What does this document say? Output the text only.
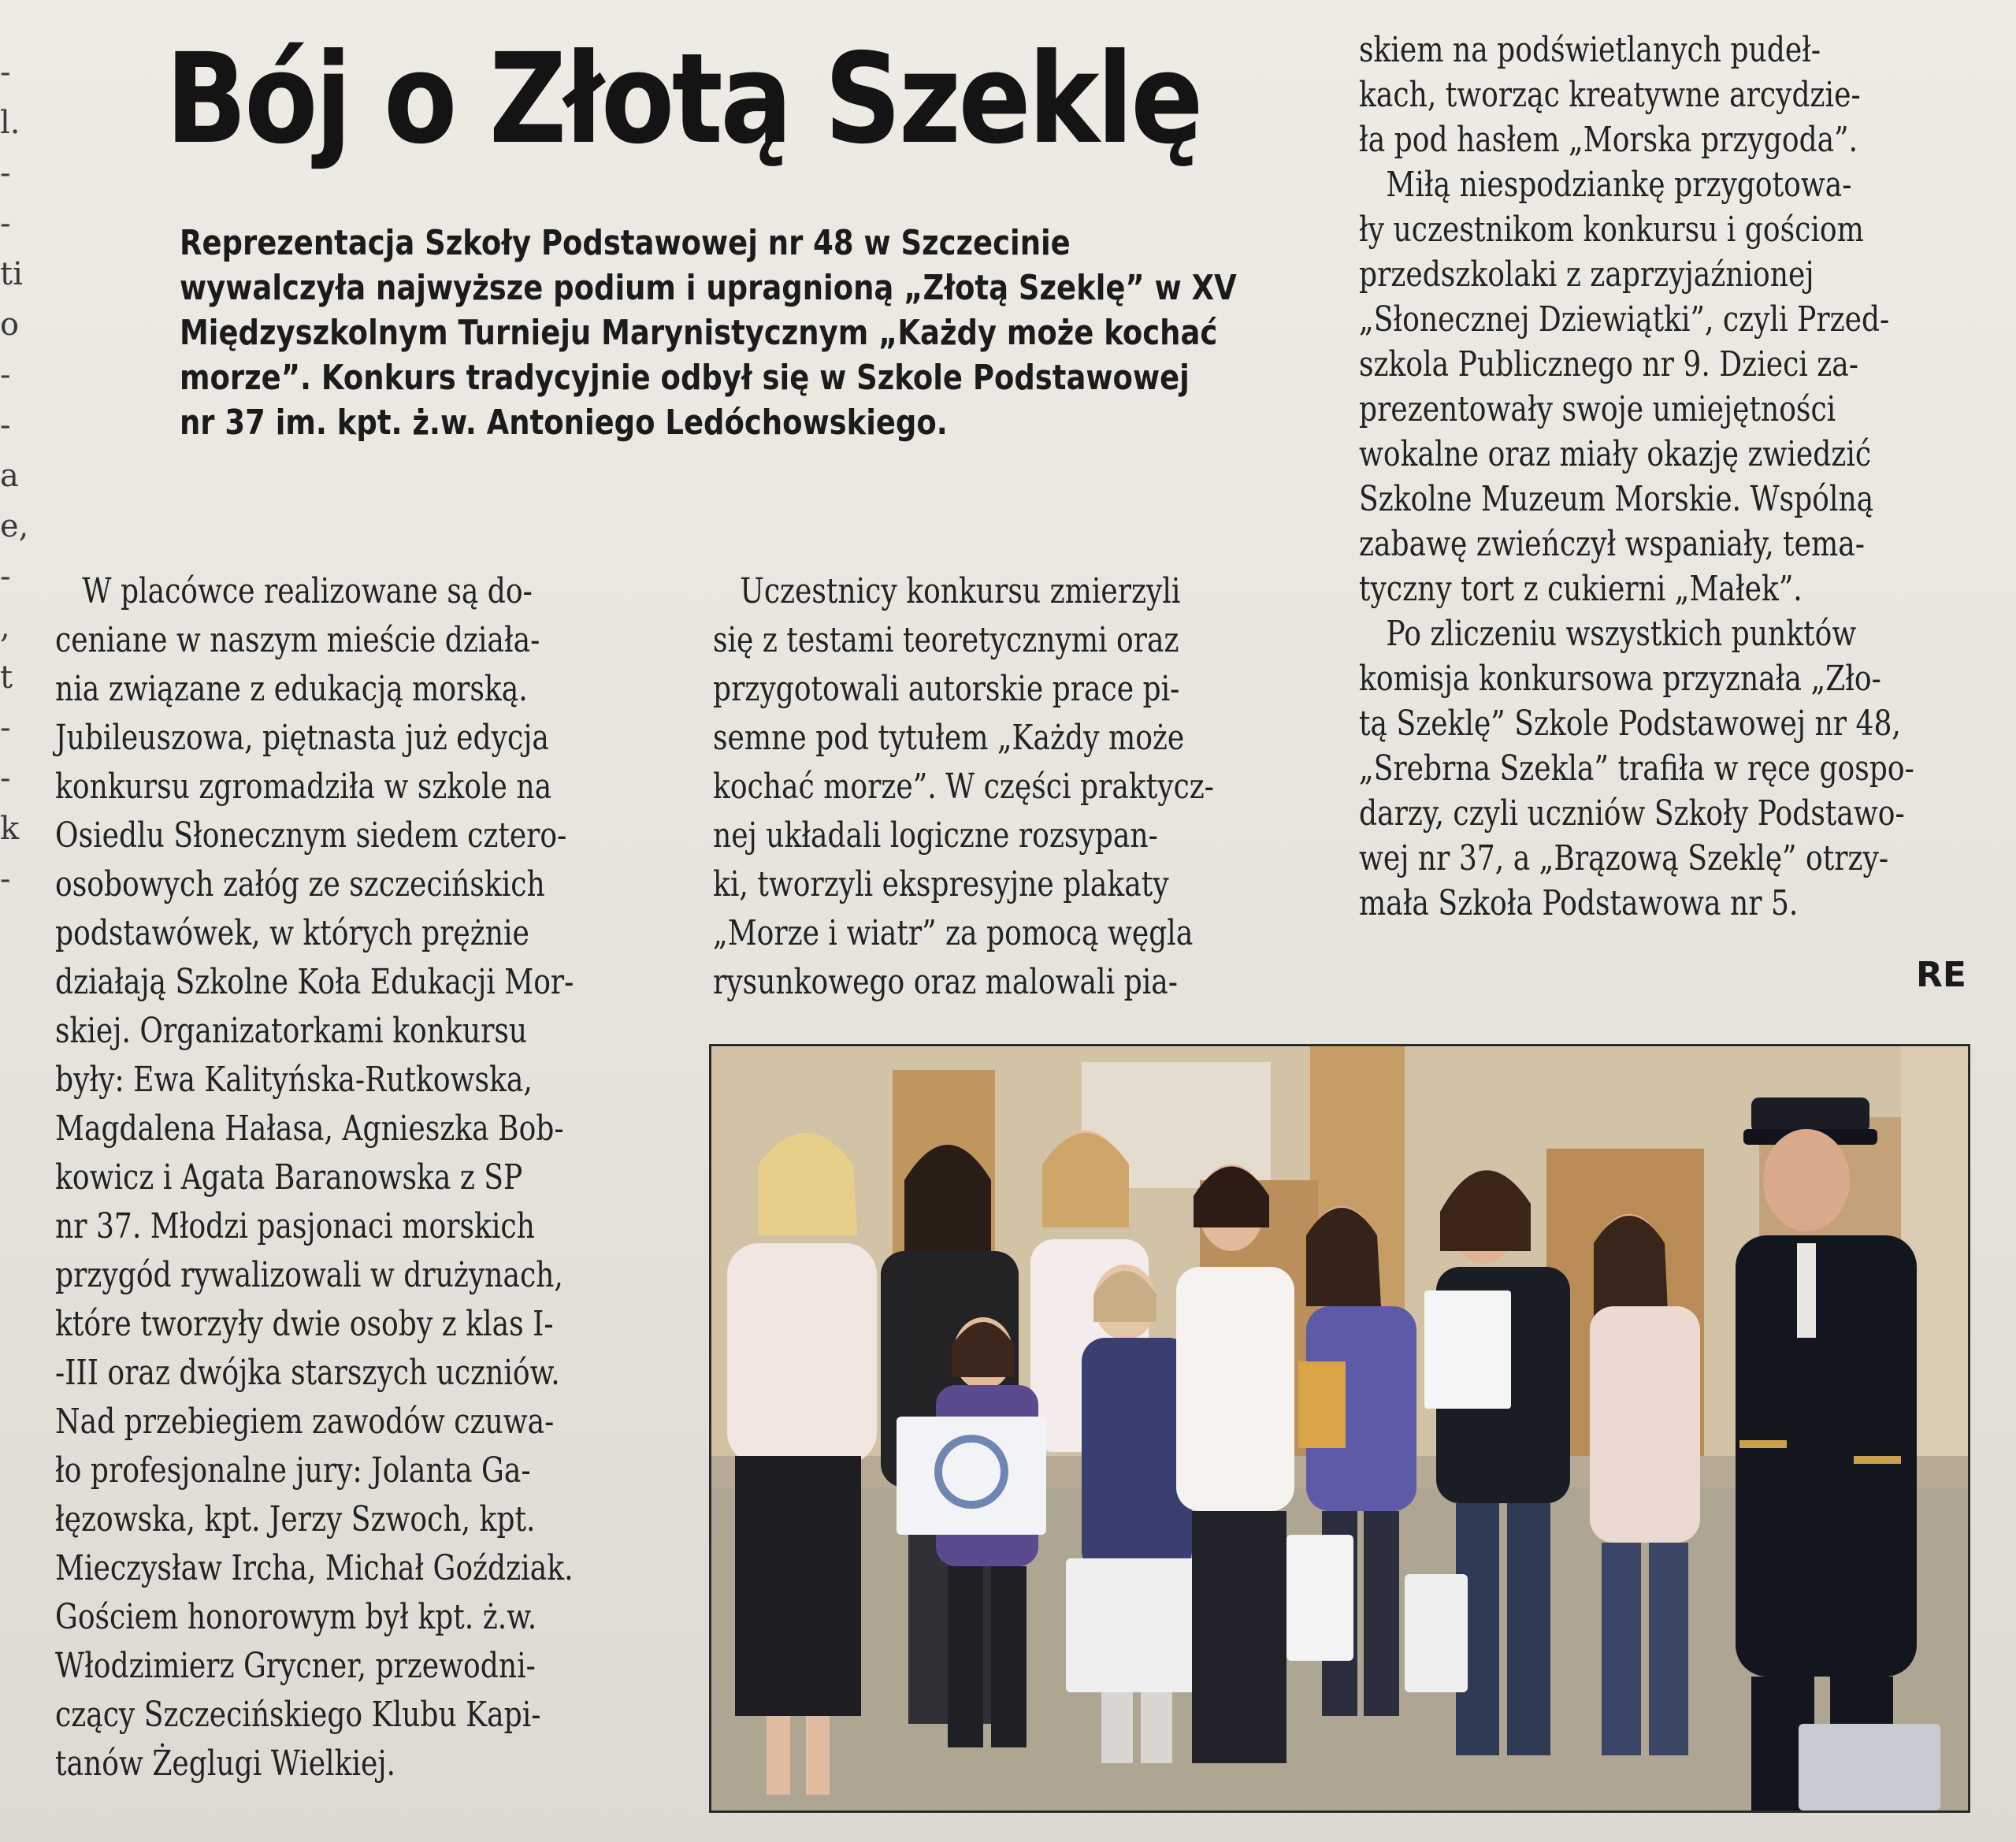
-
l.
-
-
ti
o
-
-
a
e,
-
,
t
-
-
k
-
Bój o Złotą Szeklę
Reprezentacja Szkoły Podstawowej nr 48 w Szczecinie
wywalczyła najwyższe podium i upragnioną „Złotą Szeklę” w XV
Międzyszkolnym Turnieju Marynistycznym „Każdy może kochać
morze”. Konkurs tradycyjnie odbył się w Szkole Podstawowej
nr 37 im. kpt. ż.w. Antoniego Ledóchowskiego.
W placówce realizowane są do-
ceniane w naszym mieście działa-
nia związane z edukacją morską.
Jubileuszowa, piętnasta już edycja
konkursu zgromadziła w szkole na
Osiedlu Słonecznym siedem cztero-
osobowych załóg ze szczecińskich
podstawówek, w których prężnie
działają Szkolne Koła Edukacji Mor-
skiej. Organizatorkami konkursu
były: Ewa Kalityńska-Rutkowska,
Magdalena Hałasa, Agnieszka Bob-
kowicz i Agata Baranowska z SP
nr 37. Młodzi pasjonaci morskich
przygód rywalizowali w drużynach,
które tworzyły dwie osoby z klas I-
-III oraz dwójka starszych uczniów.
Nad przebiegiem zawodów czuwa-
ło profesjonalne jury: Jolanta Ga-
łęzowska, kpt. Jerzy Szwoch, kpt.
Mieczysław Ircha, Michał Goździak.
Gościem honorowym był kpt. ż.w.
Włodzimierz Grycner, przewodni-
czący Szczecińskiego Klubu Kapi-
tanów Żeglugi Wielkiej.
Uczestnicy konkursu zmierzyli
się z testami teoretycznymi oraz
przygotowali autorskie prace pi-
semne pod tytułem „Każdy może
kochać morze”. W części praktycz-
nej układali logiczne rozsypan-
ki, tworzyli ekspresyjne plakaty
„Morze i wiatr” za pomocą węgla
rysunkowego oraz malowali pia-
skiem na podświetlanych pudeł-
kach, tworząc kreatywne arcydzie-
ła pod hasłem „Morska przygoda”.
Miłą niespodziankę przygotowa-
ły uczestnikom konkursu i gościom
przedszkolaki z zaprzyjaźnionej
„Słonecznej Dziewiątki”, czyli Przed-
szkola Publicznego nr 9. Dzieci za-
prezentowały swoje umiejętności
wokalne oraz miały okazję zwiedzić
Szkolne Muzeum Morskie. Wspólną
zabawę zwieńczył wspaniały, tema-
tyczny tort z cukierni „Małek”.
Po zliczeniu wszystkich punktów
komisja konkursowa przyznała „Zło-
tą Szeklę” Szkole Podstawowej nr 48,
„Srebrna Szekla” trafiła w ręce gospo-
darzy, czyli uczniów Szkoły Podstawo-
wej nr 37, a „Brązową Szeklę” otrzy-
mała Szkoła Podstawowa nr 5.
RE
